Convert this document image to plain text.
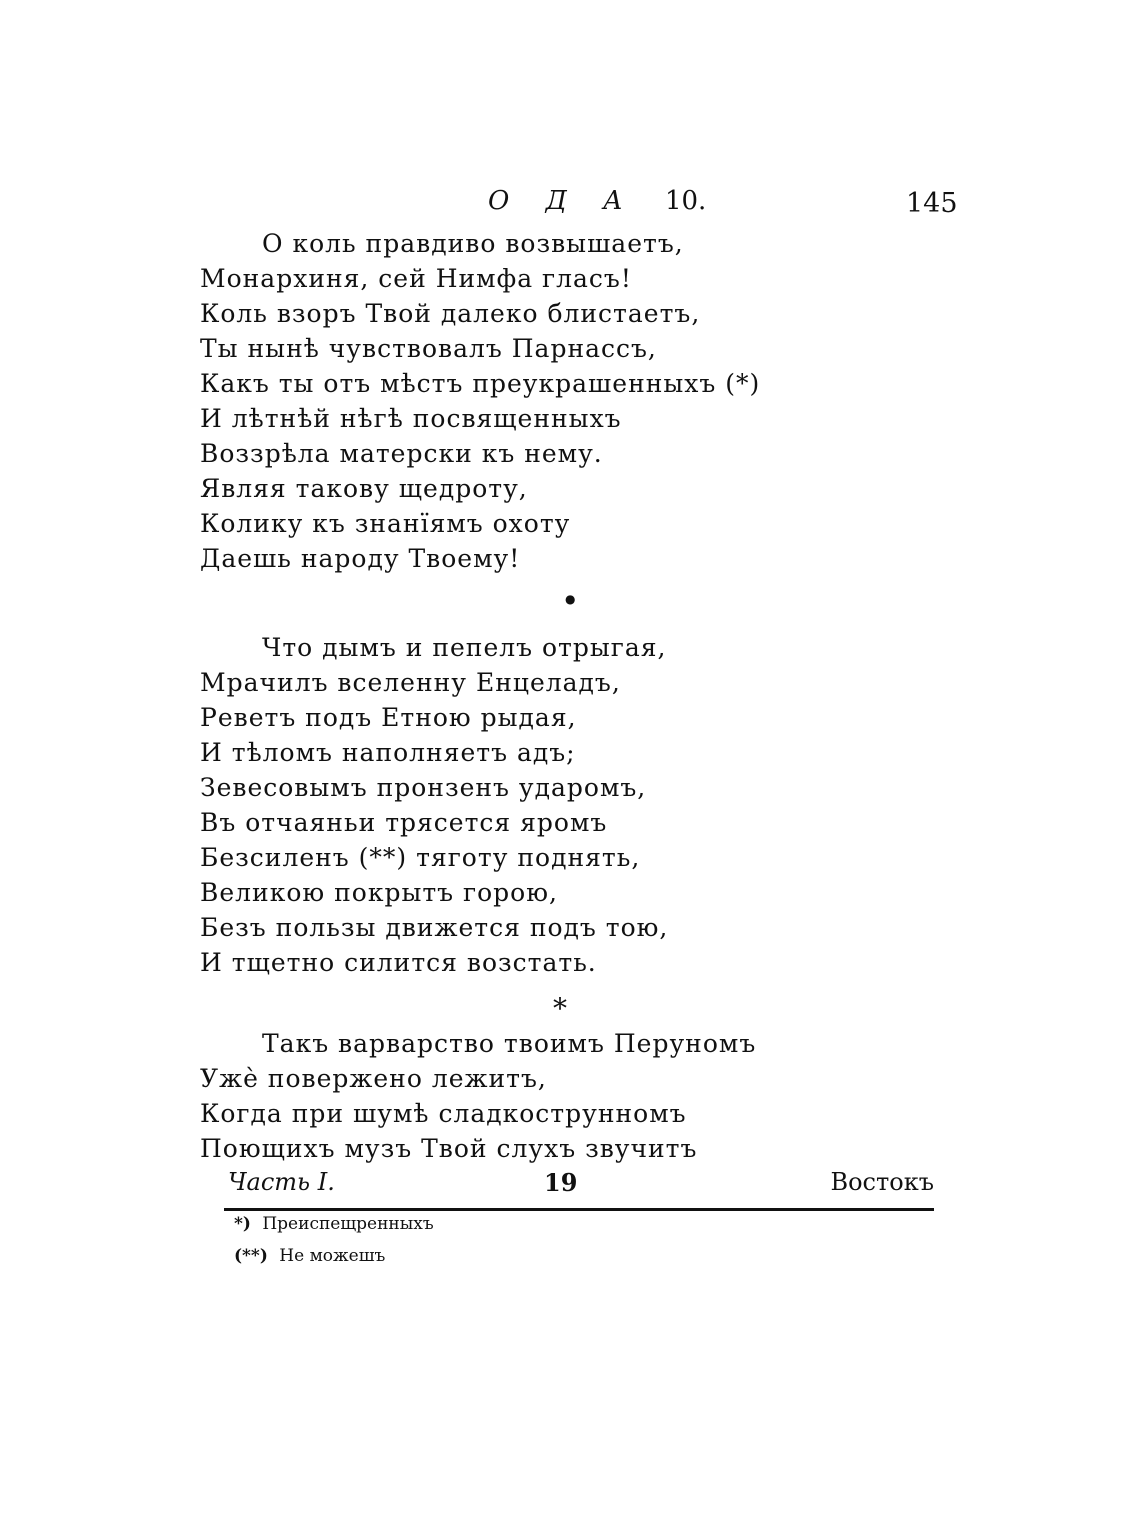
О Д А 10.	145
О коль правдиво возвышаетъ,
Монархиня, сей Нимфа гласъ!
Коль взоръ Твой далеко блистаетъ,
Ты нынѣ чувствовалъ Парнассъ,
Какъ ты отъ мѣстъ преукрашенныхъ (*)
И лѣтнѣй нѣгѣ посвященныхъ
Воззрѣла матерски къ нему.
Являя такову щедроту,
Колику къ знанїямъ охоту
Даешь народу Твоему!
●
Что дымъ и пепелъ отрыгая,
Мрачилъ вселенну Енцеладъ,
Реветъ подъ Етною рыдая,
И тѣломъ наполняетъ адъ;
Зевесовымъ пронзенъ ударомъ,
Въ отчаяньи трясется яромъ
Безсиленъ (**) тяготу поднять,
Великою покрытъ горою,
Безъ пользы движется подъ тою,
И тщетно силится возстать.
*
Такъ варварство твоимъ Перуномъ
Ужѐ повержено лежитъ,
Когда при шумѣ сладкострунномъ
Поющихъ музъ Твой слухъ звучитъ
Часть I.	19	Востокъ
*) Преиспещренныхъ
(**) Не можешъ
